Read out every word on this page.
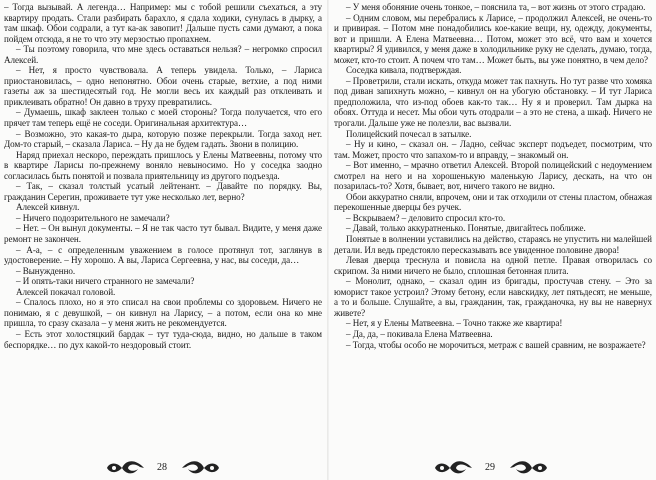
– Тогда вызывай. А легенда… Например: мы с тобой решили съехаться, а эту квартиру продать. Стали разбирать барахло, я сдала ходики, сунулась в дырку, а там шкаф. Обои содрали, а тут ка-ак завопит! Дальше пусть сами думают, а пока пойдем отсюда, я не то что эту мерзостью пропахнем.

– Ты поэтому говорила, что мне здесь оставаться нельзя? – негромко спросил Алексей.

– Нет, я просто чувствовала. А теперь увидела. Только, – Лариса приостановилась, – одно непонятно. Обои очень старые, ветхие, а под ними газеты аж за шестидесятый год. Не могли весь их каждый раз отклеивать и приклеивать обратно! Он давно в труху превратились.

– Думаешь, шкаф заклеен только с моей стороны? Тогда получается, что его прячет там теперь ещё не соседи. Оригинальная архитектура…

– Возможно, это какая-то дыра, которую позже перекрыли. Тогда заход нет. Дом-то старый, – сказала Лариса. – Ну да не будем гадать. Звони в полицию.

Наряд приехал нескоро, переждать пришлось у Елены Матвеевны, потому что в квартире Ларисы по-прежнему воняло невыносимо. Но у соседка заодно согласилась быть понятой и позвала приятельницу из другого подъезда.

– Так, – сказал толстый усатый лейтенант. – Давайте по порядку. Вы, гражданин Серегин, проживаете тут уже несколько лет, верно?

Алексей кивнул.

– Ничего подозрительного не замечали?

– Нет. – Он вынул документы. – Я не так часто тут бывал. Видите, у меня даже ремонт не закончен.

– А-а, – с определенным уважением в голосе протянул тот, заглянув в удостоверение. – Ну хорошо. А вы, Лариса Сергеевна, у нас, вы соседи, да…

– Вынужденно.

– И опять-таки ничего странного не замечали?

Алексей покачал головой.

– Спалось плохо, но я это списал на свои проблемы со здоровьем. Ничего не понимаю, я с девушкой, – он кивнул на Ларису, – а потом, если она ко мне пришла, то сразу сказала – у меня жить не рекомендуется.

– Есть этот холостяцкий бардак – тут туда-сюда, видно, но дальше в таком беспорядке… по дух какой-то нездоровый стоит.

28

– У меня обоняние очень тонкое, – пояснила та, – вот жизнь от этого страдаю.

– Одним словом, мы перебрались к Ларисе, – продолжил Алексей, не очень-то и привирая. – Потом мне понадобились кое-какие вещи, ну, одежду, документы, вот и пришли. А Елена Матвеевна… Потом, может это всё, что вам и хочется квартиры? Я удивился, у меня даже в холодильнике руку не сделать, думаю, тогда, может, кто-то стоит. А почем что там… Может быть, вы уже понятно, в чем дело?

Соседка кивала, подтверждая.

– Проветрили, стали искать, откуда может так пахнуть. Но тут разве что хомяка под диван запихнуть можно, – кивнул он на убогую обстановку. – И тут Лариса предположила, что из-под обоев как-то так… Ну я и проверил. Там дырка на обоях. Оттуда и несет. Мы обои чуть отодрали – а это не стена, а шкаф. Ничего не трогали. Дальше уже не полезли, вас вызвали.

Полицейский почесал в затылке.

– Ну и кино, – сказал он. – Ладно, сейчас эксперт подъедет, посмотрим, что там. Может, просто что запахом-то и вправду, – знакомый он.

– Вот именно, – мрачно ответил Алексей. Второй полицейский с недоумением смотрел на него и на хорошенькую маленькую Ларису, дескать, на что он позарилась-то? Хотя, бывает, вот, ничего такого не видно.

Обои аккуратно сняли, впрочем, они и так отходили от стены пластом, обнажая перекошенные дверцы без ручек.

– Вскрываем? – деловито спросил кто-то.

– Давай, только аккуратненько. Понятые, двигайтесь поближе.

Понятые в волнении уставились на действо, стараясь не упустить ни малейшей детали. Ил ведь предстояло пересказывать все увиденное половине двора!

Левая дверца треснула и повисла на одной петле. Правая отворилась со скрипом. За ними ничего не было, сплошная бетонная плита.

– Монолит, однако, – сказал один из бригады, простучав стену. – Это за юморист такое устроил? Этому бетону, если навскидку, лет пятьдесят, не меньше, а то и больше. Слушайте, а вы, гражданин, так, гражданочка, ну вы не навернух живете?

– Нет, я у Елены Матвеевна. – Точно также же квартира!

– Да, да, – покивала Елена Матвеевна.

– Тогда, чтобы особо не морочиться, метраж с вашей сравним, не возражаете?

29
